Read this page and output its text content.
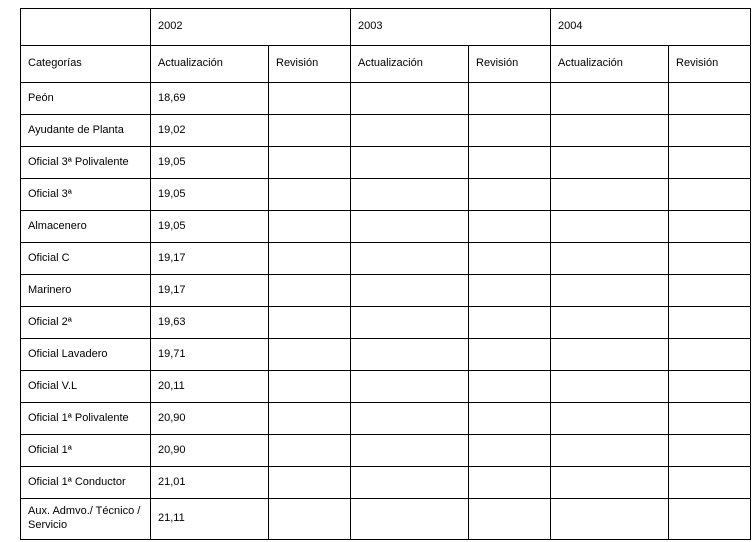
	2002		2003		2004	
Categorías	Actualización	Revisión	Actualización	Revisión	Actualización	Revisión
Peón	18,69					
Ayudante de Planta	19,02					
Oficial 3ª Polivalente	19,05					
Oficial 3ª	19,05					
Almacenero	19,05					
Oficial C	19,17					
Marinero	19,17					
Oficial 2ª	19,63					
Oficial Lavadero	19,71					
Oficial V.L	20,11					
Oficial 1ª Polivalente	20,90					
Oficial 1ª	20,90					
Oficial 1ª Conductor	21,01					
Aux. Admvo./ Técnico / Servicio	21,11					
